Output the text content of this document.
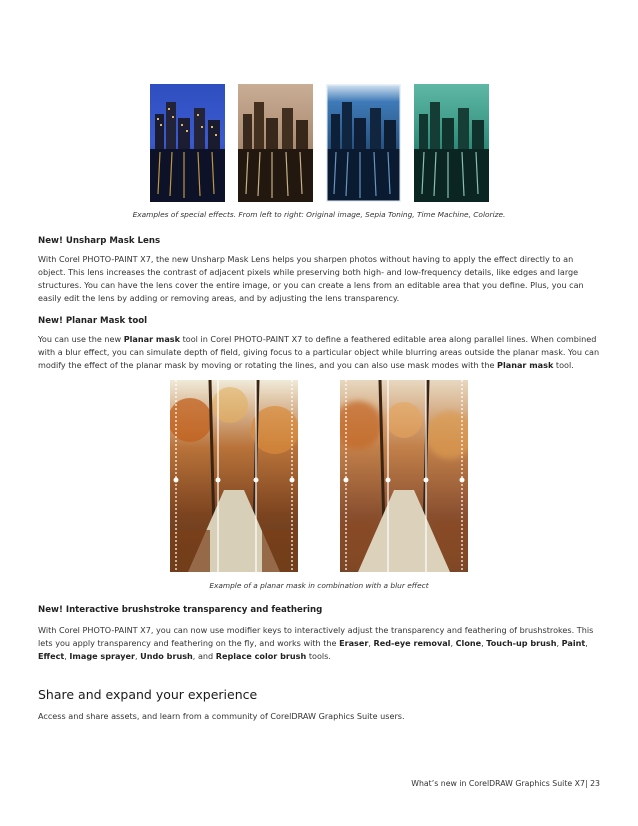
Examples of special effects. From left to right: Original image, Sepia Toning, Time Machine, Colorize.
New! Unsharp Mask Lens
With Corel PHOTO-PAINT X7, the new Unsharp Mask Lens helps you sharpen photos without having to apply the effect directly to an object. This lens increases the contrast of adjacent pixels while preserving both high- and low-frequency details, like edges and large structures. You can have the lens cover the entire image, or you can create a lens from an editable area that you define. Plus, you can easily edit the lens by adding or removing areas, and by adjusting the lens transparency.
New! Planar Mask tool
You can use the new Planar mask tool in Corel PHOTO-PAINT X7 to define a feathered editable area along parallel lines. When combined with a blur effect, you can simulate depth of field, giving focus to a particular object while blurring areas outside the planar mask. You can modify the effect of the planar mask by moving or rotating the lines, and you can also use mask modes with the Planar mask tool.
Example of a planar mask in combination with a blur effect
New! Interactive brushstroke transparency and feathering
With Corel PHOTO-PAINT X7, you can now use modifier keys to interactively adjust the transparency and feathering of brushstrokes. This lets you apply transparency and feathering on the fly, and works with the Eraser, Red-eye removal, Clone, Touch-up brush, Paint, Effect, Image sprayer, Undo brush, and Replace color brush tools.
Share and expand your experience
Access and share assets, and learn from a community of CorelDRAW Graphics Suite users.
What’s new in CorelDRAW Graphics Suite X7| 23
